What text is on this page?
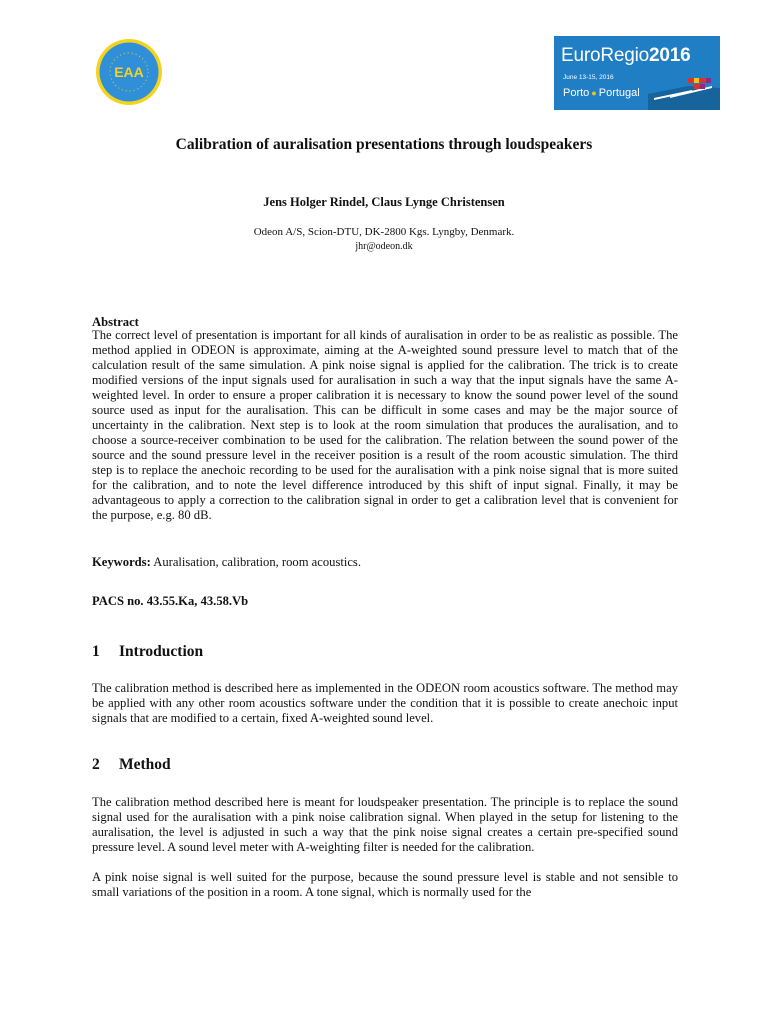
EAA
EuroRegio2016
June 13-15, 2016
Porto ● Portugal
Calibration of auralisation presentations through loudspeakers
Jens Holger Rindel, Claus Lynge Christensen
Odeon A/S, Scion-DTU, DK-2800 Kgs. Lyngby, Denmark.
jhr@odeon.dk
Abstract
The correct level of presentation is important for all kinds of auralisation in order to be as realistic as possible. The method applied in ODEON is approximate, aiming at the A-weighted sound pressure level to match that of the calculation result of the same simulation. A pink noise signal is applied for the calibration. The trick is to create modified versions of the input signals used for auralisation in such a way that the input signals have the same A-weighted level. In order to ensure a proper calibration it is necessary to know the sound power level of the sound source used as input for the auralisation. This can be difficult in some cases and may be the major source of uncertainty in the calibration. Next step is to look at the room simulation that produces the auralisation, and to choose a source-receiver combination to be used for the calibration. The relation between the sound power of the source and the sound pressure level in the receiver position is a result of the room acoustic simulation. The third step is to replace the anechoic recording to be used for the auralisation with a pink noise signal that is more suited for the calibration, and to note the level difference introduced by this shift of input signal. Finally, it may be advantageous to apply a correction to the calibration signal in order to get a calibration level that is convenient for the purpose, e.g. 80 dB.
Keywords: Auralisation, calibration, room acoustics.
PACS no. 43.55.Ka, 43.58.Vb
1 Introduction
The calibration method is described here as implemented in the ODEON room acoustics software. The method may be applied with any other room acoustics software under the condition that it is possible to create anechoic input signals that are modified to a certain, fixed A-weighted sound level.
2 Method
The calibration method described here is meant for loudspeaker presentation. The principle is to replace the sound signal used for the auralisation with a pink noise calibration signal. When played in the setup for listening to the auralisation, the level is adjusted in such a way that the pink noise signal creates a certain pre-specified sound pressure level. A sound level meter with A-weighting filter is needed for the calibration.
A pink noise signal is well suited for the purpose, because the sound pressure level is stable and not sensible to small variations of the position in a room. A tone signal, which is normally used for the
